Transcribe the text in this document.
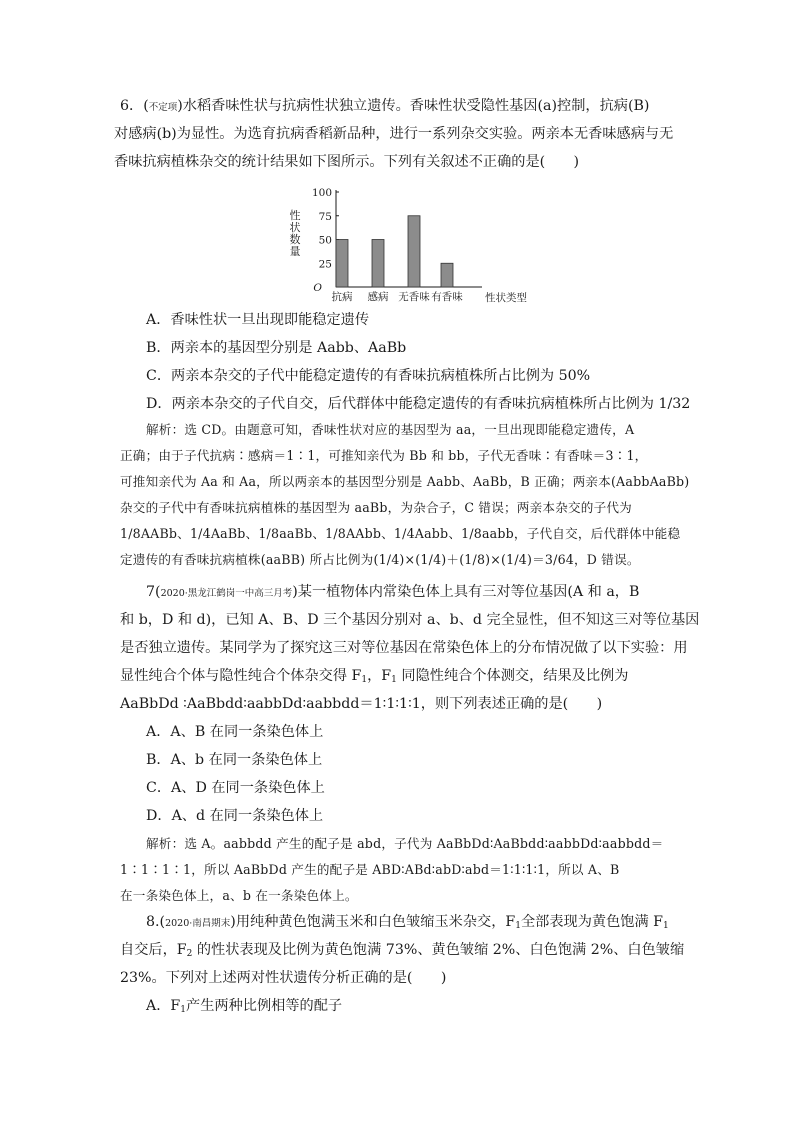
6．(不定项)水稻香味性状与抗病性状独立遗传。香味性状受隐性基因(a)控制，抗病(B)
对感病(b)为显性。为选育抗病香稻新品种，进行一系列杂交实验。两亲本无香味感病与无
香味抗病植株杂交的统计结果如下图所示。下列有关叙述不正确的是(　　)
性状数量
O
25
50
75
100
抗病 感病 无香味 有香味 性状类型
A．香味性状一旦出现即能稳定遗传
B．两亲本的基因型分别是 Aabb、AaBb
C．两亲本杂交的子代中能稳定遗传的有香味抗病植株所占比例为 50%
D．两亲本杂交的子代自交，后代群体中能稳定遗传的有香味抗病植株所占比例为 1/32
解析：选 CD。由题意可知，香味性状对应的基因型为 aa，一旦出现即能稳定遗传，A
正确；由于子代抗病∶感病＝1∶1，可推知亲代为 Bb 和 bb，子代无香味∶有香味＝3∶1，
可推知亲代为 Aa 和 Aa，所以两亲本的基因型分别是 Aabb、AaBb，B 正确；两亲本(AabbAaBb)
杂交的子代中有香味抗病植株的基因型为 aaBb，为杂合子，C 错误；两亲本杂交的子代为
1/8AABb、1/4AaBb、1/8aaBb、1/8AAbb、1/4Aabb、1/8aabb，子代自交，后代群体中能稳
定遗传的有香味抗病植株(aaBB) 所占比例为(1/4)×(1/4)＋(1/8)×(1/4)＝3/64，D 错误。
7(2020·黑龙江鹤岗一中高三月考)某一植物体内常染色体上具有三对等位基因(A 和 a，B
和 b，D 和 d)，已知 A、B、D 三个基因分别对 a、b、d 完全显性，但不知这三对等位基因
是否独立遗传。某同学为了探究这三对等位基因在常染色体上的分布情况做了以下实验：用
显性纯合个体与隐性纯合个体杂交得 $F_1$，$F_1$ 同隐性纯合个体测交，结果及比例为
AaBbDd ∶AaBbdd∶aabbDd∶aabbdd＝1∶1∶1∶1，则下列表述正确的是(　　)
A．A、B 在同一条染色体上
B．A、b 在同一条染色体上
C．A、D 在同一条染色体上
D．A、d 在同一条染色体上
解析：选 A。aabbdd 产生的配子是 abd，子代为 AaBbDd∶AaBbdd∶aabbDd∶aabbdd＝
1∶1∶1∶1，所以 AaBbDd 产生的配子是 ABD∶ABd∶abD∶abd＝1∶1∶1∶1，所以 A、B
在一条染色体上，a、b 在一条染色体上。
8.(2020·南昌期末)用纯种黄色饱满玉米和白色皱缩玉米杂交，$F_1$全部表现为黄色饱满 $F_1$
自交后，$F_2$ 的性状表现及比例为黄色饱满 73%、黄色皱缩 2%、白色饱满 2%、白色皱缩
23%。下列对上述两对性状遗传分析正确的是(　　)
A．$F_1$产生两种比例相等的配子
